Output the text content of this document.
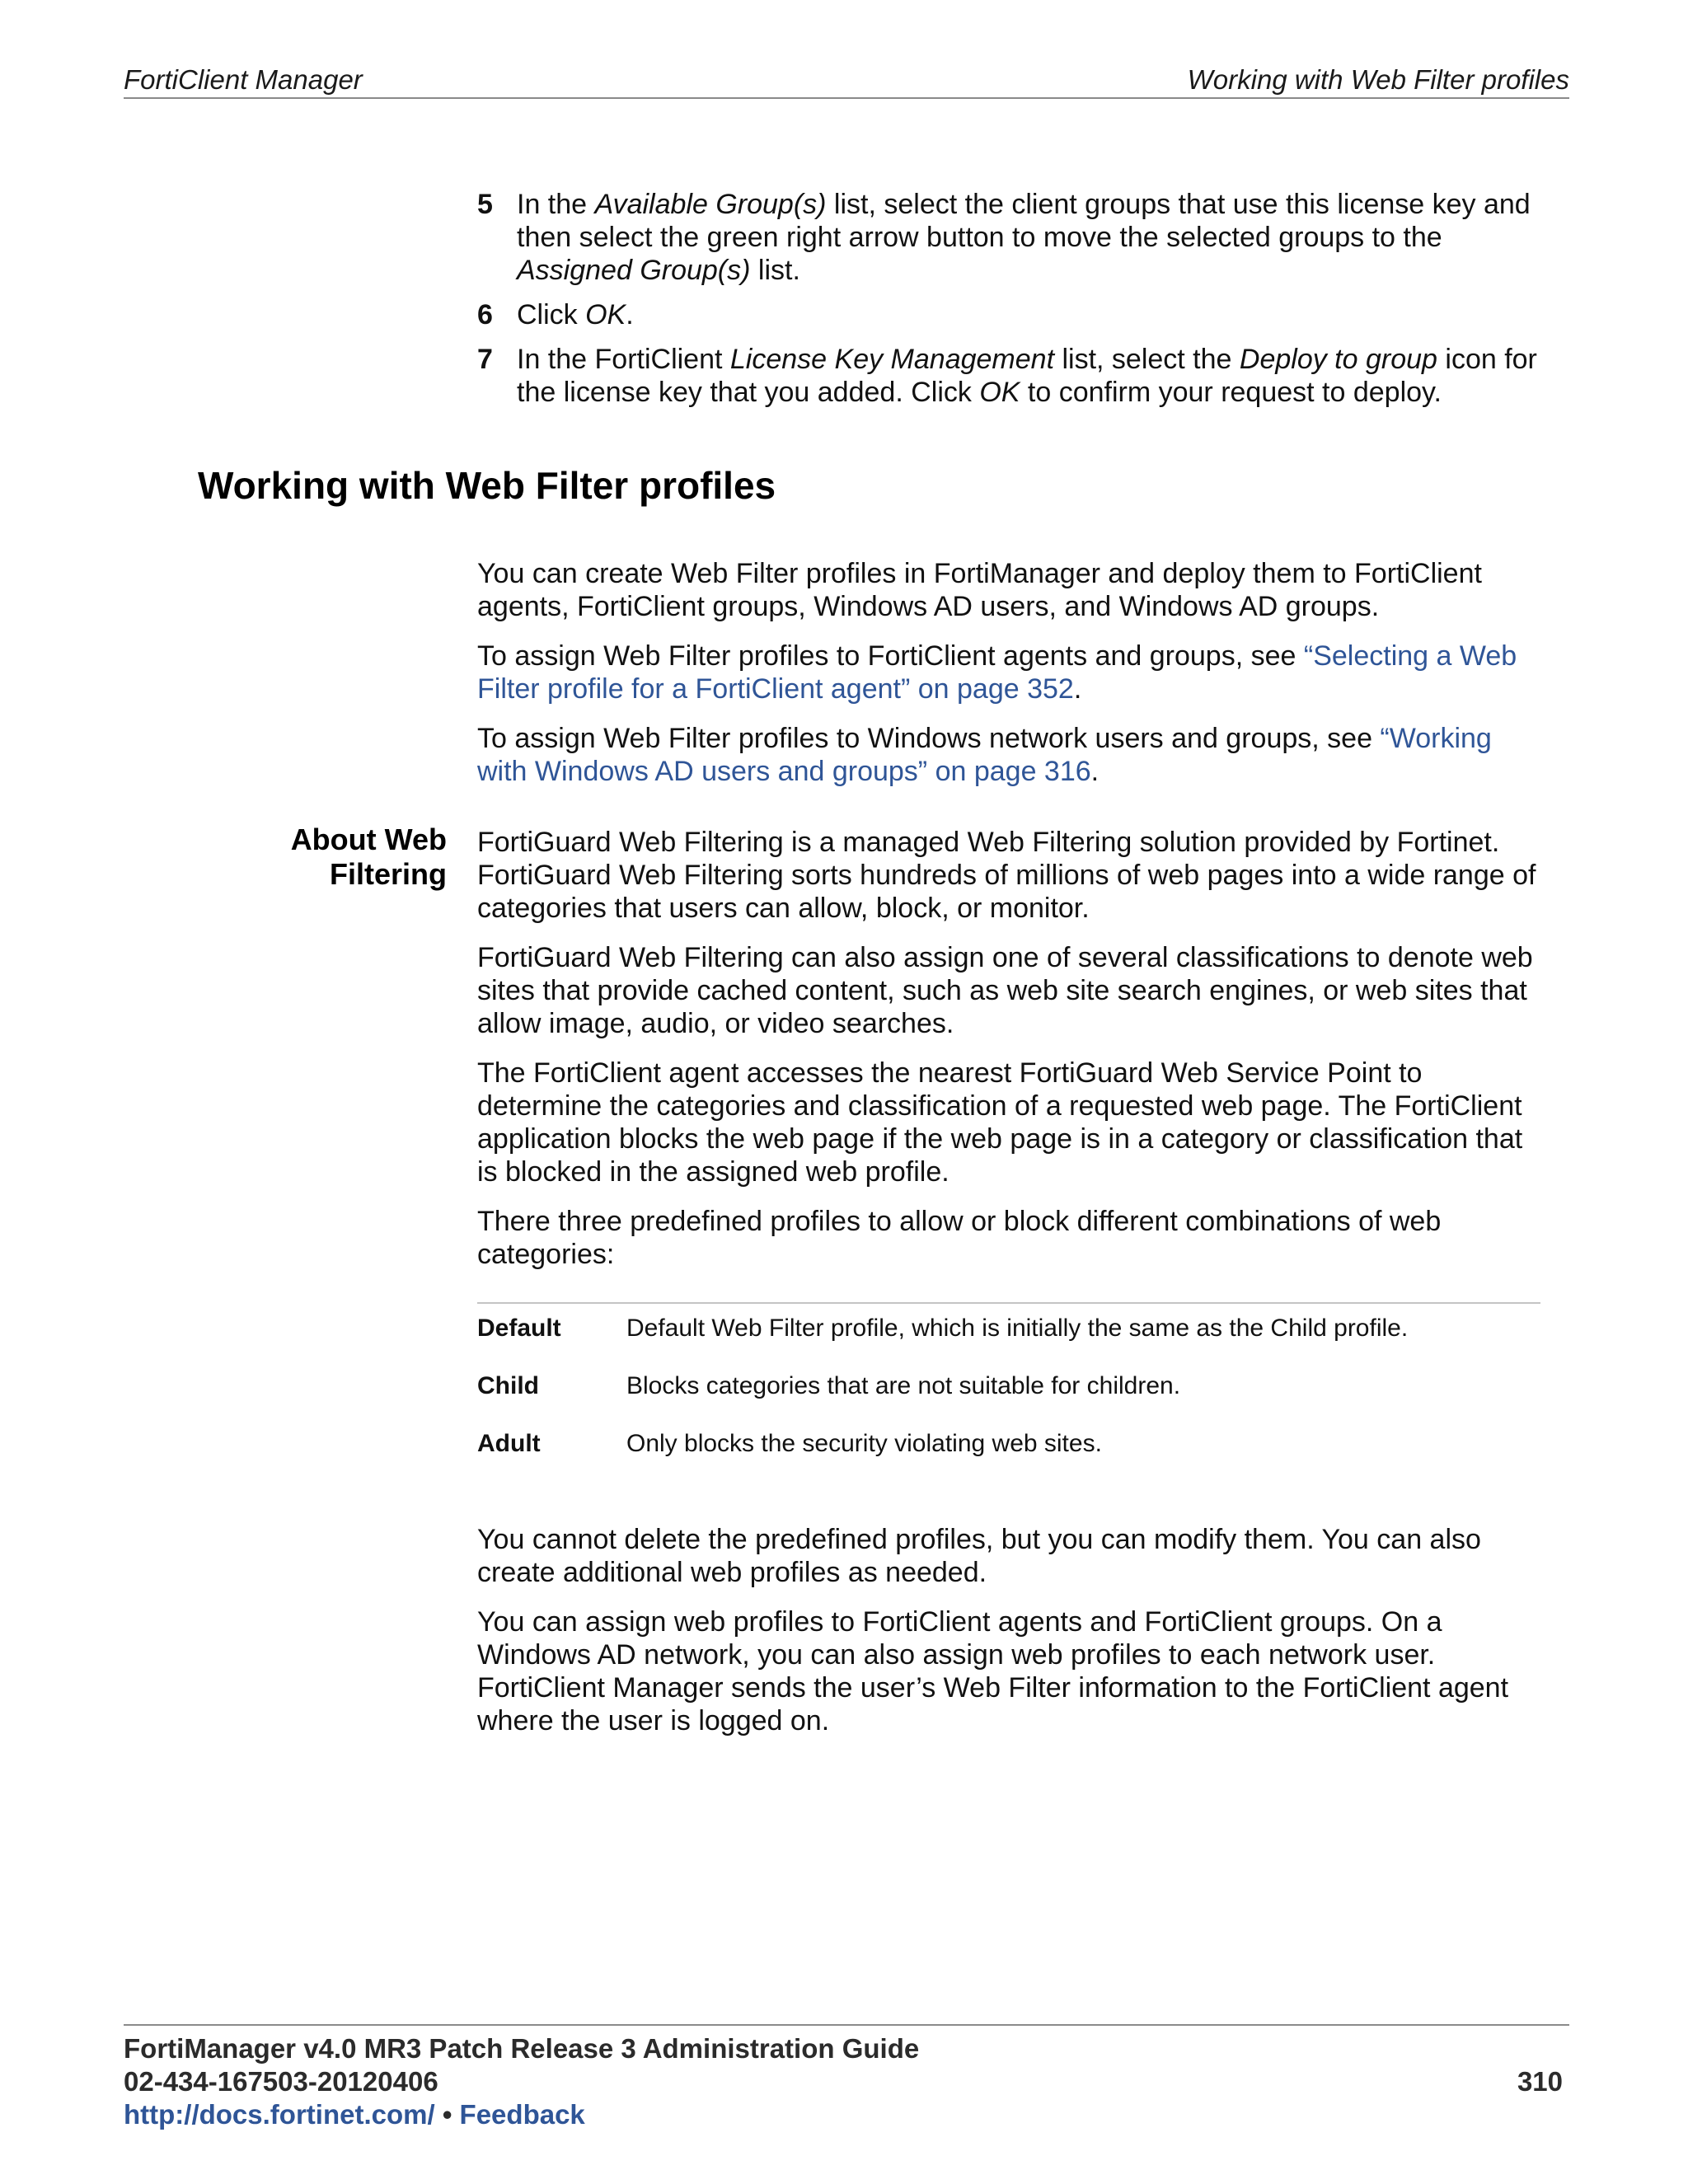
FortiClient Manager	Working with Web Filter profiles
5 In the Available Group(s) list, select the client groups that use this license key and then select the green right arrow button to move the selected groups to the Assigned Group(s) list.
6 Click OK.
7 In the FortiClient License Key Management list, select the Deploy to group icon for the license key that you added. Click OK to confirm your request to deploy.
Working with Web Filter profiles

You can create Web Filter profiles in FortiManager and deploy them to FortiClient agents, FortiClient groups, Windows AD users, and Windows AD groups.

To assign Web Filter profiles to FortiClient agents and groups, see “Selecting a Web Filter profile for a FortiClient agent” on page 352.

To assign Web Filter profiles to Windows network users and groups, see “Working with Windows AD users and groups” on page 316.

About Web
Filtering

FortiGuard Web Filtering is a managed Web Filtering solution provided by Fortinet. FortiGuard Web Filtering sorts hundreds of millions of web pages into a wide range of categories that users can allow, block, or monitor.

FortiGuard Web Filtering can also assign one of several classifications to denote web sites that provide cached content, such as web site search engines, or web sites that allow image, audio, or video searches.

The FortiClient agent accesses the nearest FortiGuard Web Service Point to determine the categories and classification of a requested web page. The FortiClient application blocks the web page if the web page is in a category or classification that is blocked in the assigned web profile.

There three predefined profiles to allow or block different combinations of web categories:

Default	Default Web Filter profile, which is initially the same as the Child profile.
Child	Blocks categories that are not suitable for children.
Adult	Only blocks the security violating web sites.

You cannot delete the predefined profiles, but you can modify them. You can also create additional web profiles as needed.

You can assign web profiles to FortiClient agents and FortiClient groups. On a Windows AD network, you can also assign web profiles to each network user. FortiClient Manager sends the user’s Web Filter information to the FortiClient agent where the user is logged on.

FortiManager v4.0 MR3 Patch Release 3 Administration Guide
02-434-167503-20120406
http://docs.fortinet.com/ • Feedback
310
